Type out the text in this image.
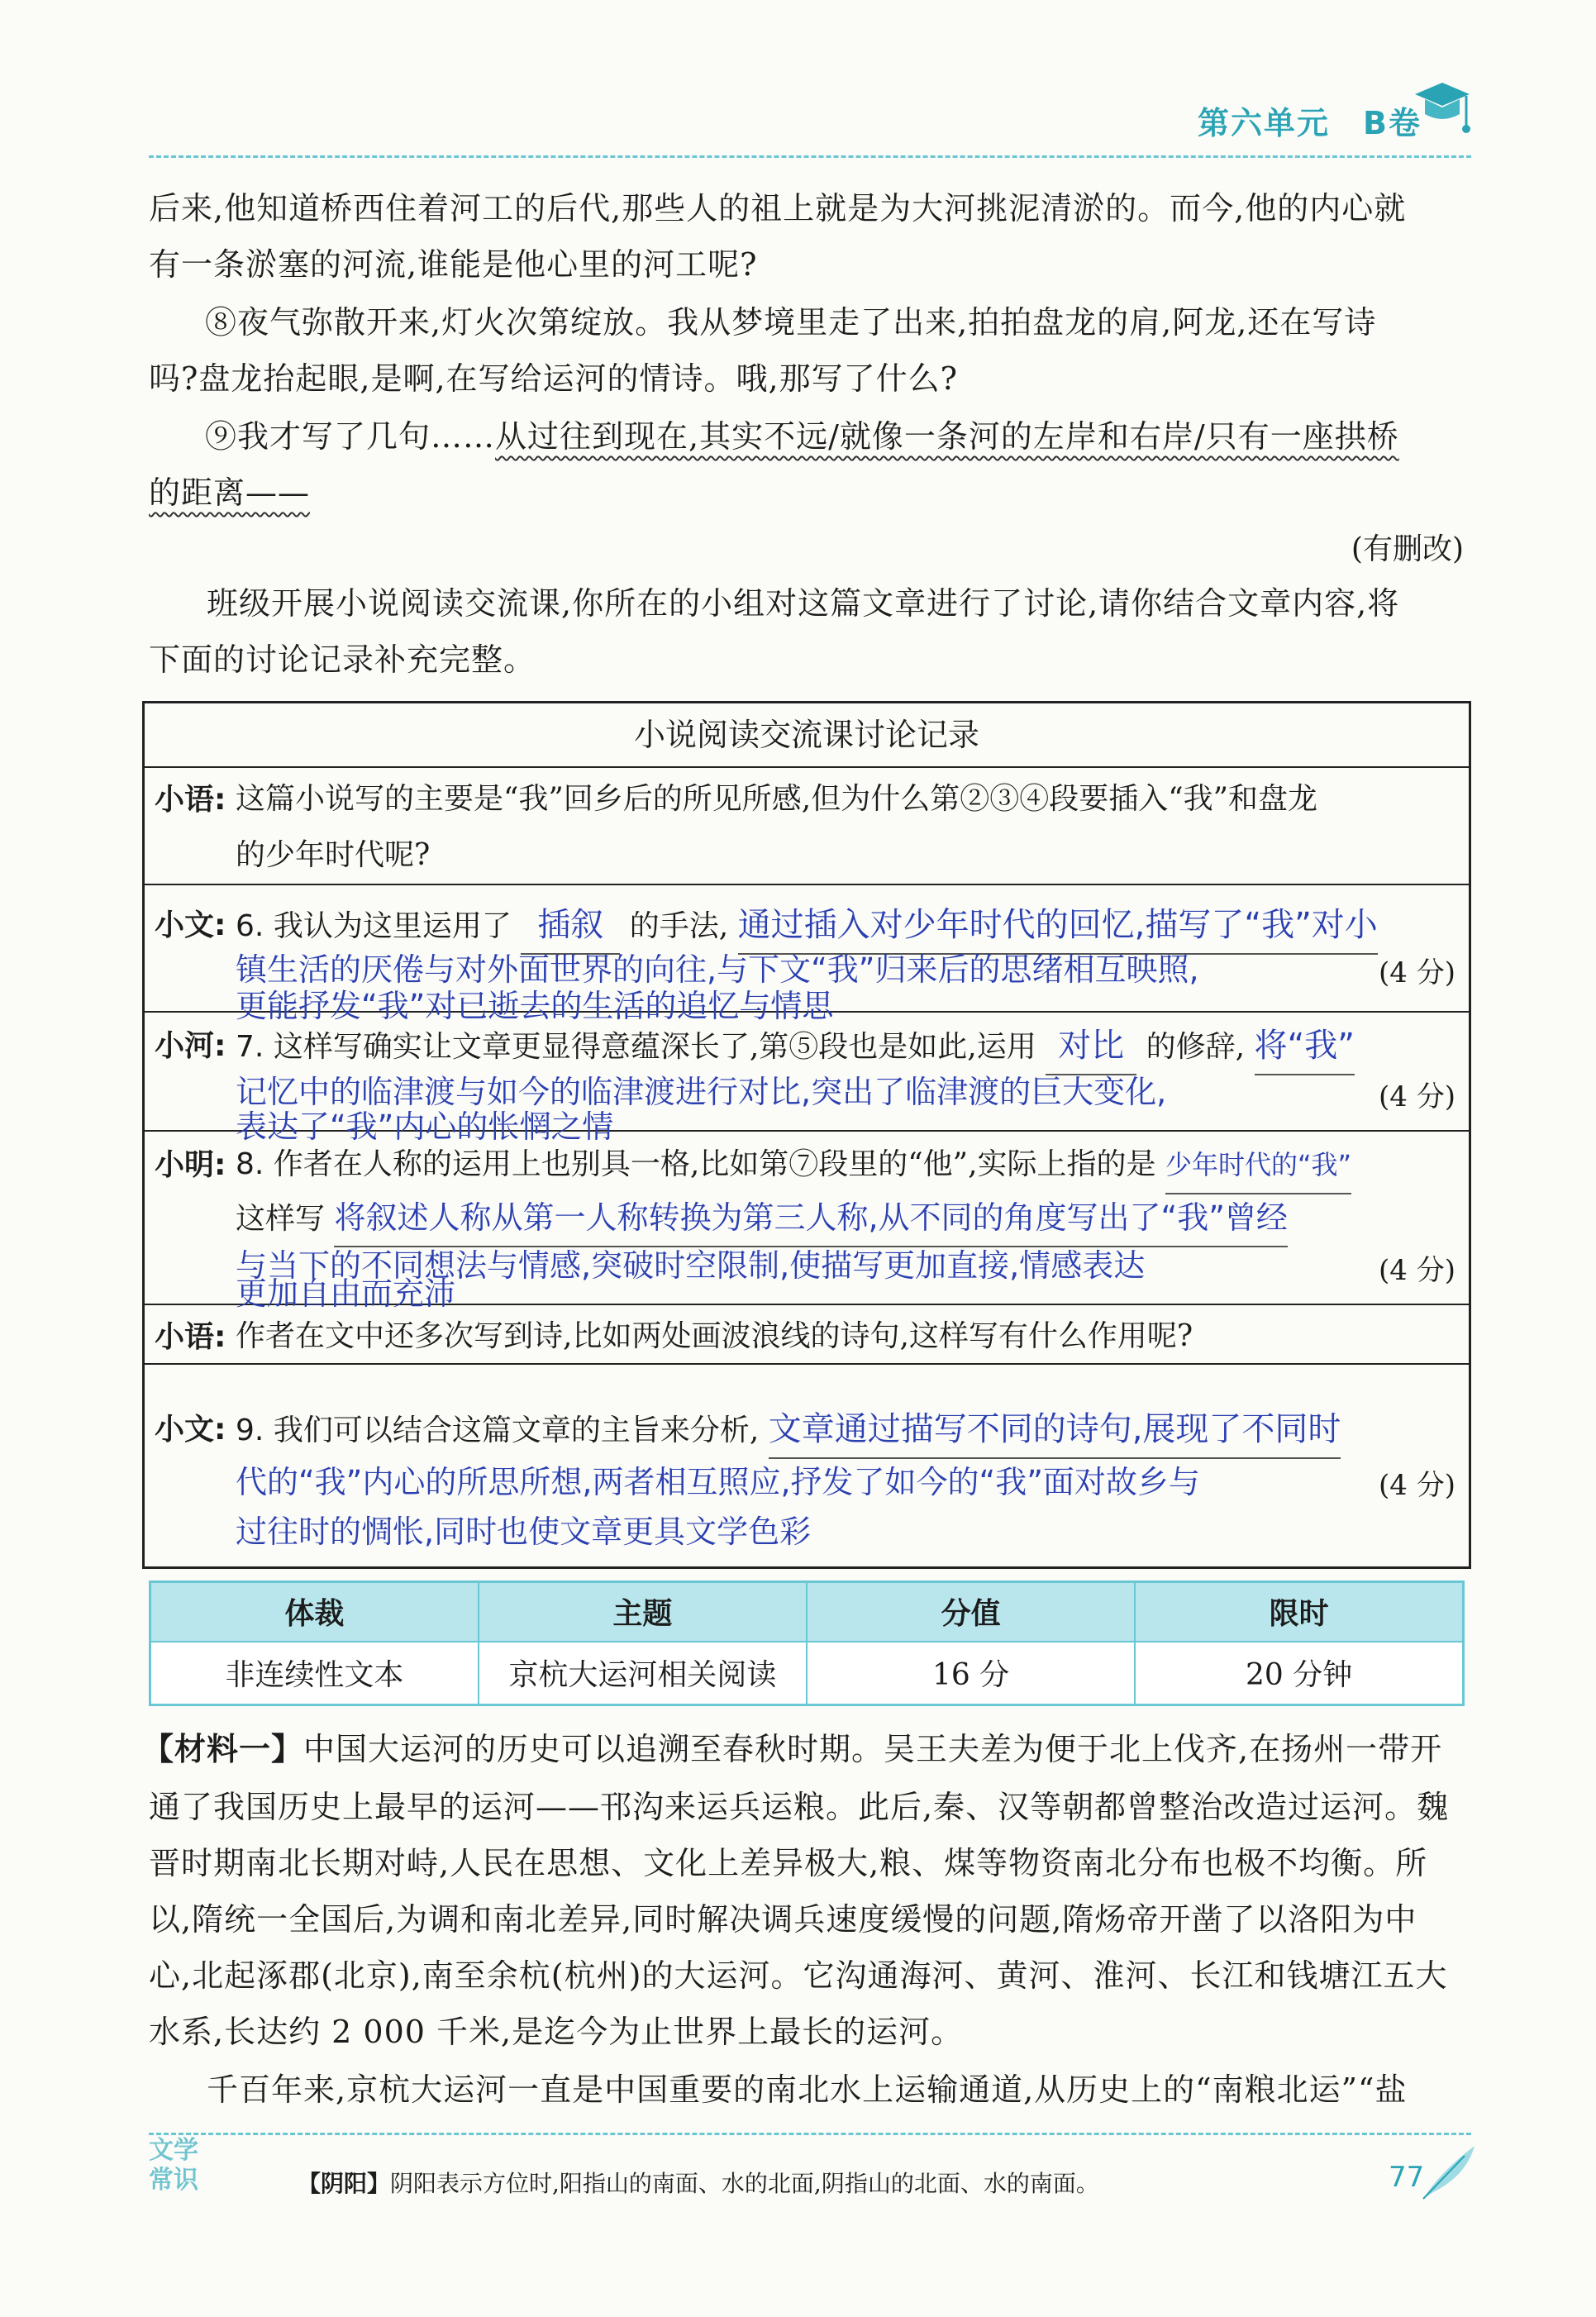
第六单元　B卷
后来,他知道桥西住着河工的后代,那些人的祖上就是为大河挑泥清淤的。而今,他的内心就
有一条淤塞的河流,谁能是他心里的河工呢?
⑧夜气弥散开来,灯火次第绽放。我从梦境里走了出来,拍拍盘龙的肩,阿龙,还在写诗
吗?盘龙抬起眼,是啊,在写给运河的情诗。哦,那写了什么?
⑨我才写了几句……从过往到现在,其实不远/就像一条河的左岸和右岸/只有一座拱桥
的距离——
(有删改)
班级开展小说阅读交流课,你所在的小组对这篇文章进行了讨论,请你结合文章内容,将
下面的讨论记录补充完整。
小说阅读交流课讨论记录
小语: 这篇小说写的主要是“我”回乡后的所见所感,但为什么第②③④段要插入“我”和盘龙
的少年时代呢?
小文: 6. 我认为这里运用了 插叙 的手法, 通过插入对少年时代的回忆,描写了“我”对小
镇生活的厌倦与对外面世界的向往,与下文“我”归来后的思绪相互映照,	(4 分)
更能抒发“我”对已逝去的生活的追忆与情思
小河: 7. 这样写确实让文章更显得意蕴深长了,第⑤段也是如此,运用 对比 的修辞, 将“我”
记忆中的临津渡与如今的临津渡进行对比,突出了临津渡的巨大变化,	(4 分)
表达了“我”内心的怅惘之情
小明: 8. 作者在人称的运用上也别具一格,比如第⑦段里的“他”,实际上指的是 少年时代的“我”
这样写 将叙述人称从第一人称转换为第三人称,从不同的角度写出了“我”曾经
与当下的不同想法与情感,突破时空限制,使描写更加直接,情感表达	(4 分)
更加自由而充沛
小语: 作者在文中还多次写到诗,比如两处画波浪线的诗句,这样写有什么作用呢?
小文: 9. 我们可以结合这篇文章的主旨来分析, 文章通过描写不同的诗句,展现了不同时
代的“我”内心的所思所想,两者相互照应,抒发了如今的“我”面对故乡与	(4 分)
过往时的惆怅,同时也使文章更具文学色彩
体裁	主题	分值	限时
非连续性文本	京杭大运河相关阅读	16 分	20 分钟
【材料一】中国大运河的历史可以追溯至春秋时期。吴王夫差为便于北上伐齐,在扬州一带开
通了我国历史上最早的运河——邗沟来运兵运粮。此后,秦、汉等朝都曾整治改造过运河。魏
晋时期南北长期对峙,人民在思想、文化上差异极大,粮、煤等物资南北分布也极不均衡。所
以,隋统一全国后,为调和南北差异,同时解决调兵速度缓慢的问题,隋炀帝开凿了以洛阳为中
心,北起涿郡(北京),南至余杭(杭州)的大运河。它沟通海河、黄河、淮河、长江和钱塘江五大
水系,长达约 2 000 千米,是迄今为止世界上最长的运河。
千百年来,京杭大运河一直是中国重要的南北水上运输通道,从历史上的“南粮北运”“盐
文学
常识	【阴阳】阴阳表示方位时,阳指山的南面、水的北面,阴指山的北面、水的南面。	77
